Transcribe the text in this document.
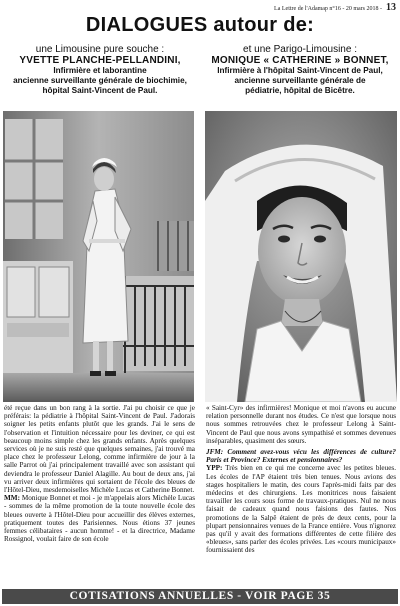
La Lettre de l'Adamap n°16 - 20 mars 2018 - 13
DIALOGUES autour de:
une Limousine pure souche :
YVETTE PLANCHE-PELLANDINI,
Infirmière et laborantine
ancienne surveillante générale de biochimie,
hôpital Saint-Vincent de Paul.
et une Parigo-Limousine :
MONIQUE « CATHERINE » BONNET,
Infirmière à l'hôpital Saint-Vincent de Paul,
ancienne surveillante générale de
pédiatrie, hôpital de Bicêtre.

été reçue dans un bon rang à la sortie. J'ai pu choisir ce que je préférais: la pédiatrie à l'hôpital Saint-Vincent de Paul. J'adorais soigner les petits enfants plutôt que les grands. J'ai le sens de l'observation et l'intuition nécessaire pour les deviner, ce qui est beaucoup moins simple chez les grands enfants. Après quelques services où je ne suis resté que quelques semaines, j'ai trouvé ma place chez le professeur Lelong, comme infirmière de jour à la salle Parrot où j'ai principalement travaillé avec son assistant qui deviendra le professeur Daniel Alagille. Au bout de deux ans, j'ai vu arriver deux infirmières qui sortaient de l'école des bleues de l'Hôtel-Dieu, mesdemoiselles Michèle Lucas et Catherine Bonnet.

MM: Monique Bonnet et moi - je m'appelais alors Michèle Lucas - sommes de la même promotion de la toute nouvelle école des bleues ouverte à l'Hôtel-Dieu pour accueillir des élèves externes, pratiquement toutes des Parisiennes. Nous étions 37 jeunes femmes célibataires - aucun homme! - et la directrice, Madame Rossignol, voulait faire de son école

« Saint-Cyr» des infirmières! Monique et moi n'avons eu aucune relation personnelle durant nos études. Ce n'est que lorsque nous nous sommes retrouvées chez le professeur Lelong à Saint-Vincent de Paul que nous avons sympathisé et sommes devenues inséparables, quasiment des sœurs.

JFM: Comment avez-vous vécu les différences de culture? Paris et Province? Externes et pensionnaires?

YPP: Très bien en ce qui me concerne avec les petites bleues. Les écoles de l'AP étaient très bien tenues. Nous avions des stages hospitaliers le matin, des cours l'après-midi faits par des médecins et des chirurgiens. Les monitrices nous faisaient travailler les cours sous forme de travaux-pratiques. Nul ne nous faisait de cadeaux quand nous faisions des fautes. Nos promotions de la Salpê étaient de près de deux cents, pour la plupart pensionnaires venues de la France entière. Vous n'ignorez pas qu'il y avait des formations différentes de cette filière des «bleues», sans parler des écoles privées. Les «cours municipaux» fournissaient des

COTISATIONS ANNUELLES - VOIR PAGE 35
